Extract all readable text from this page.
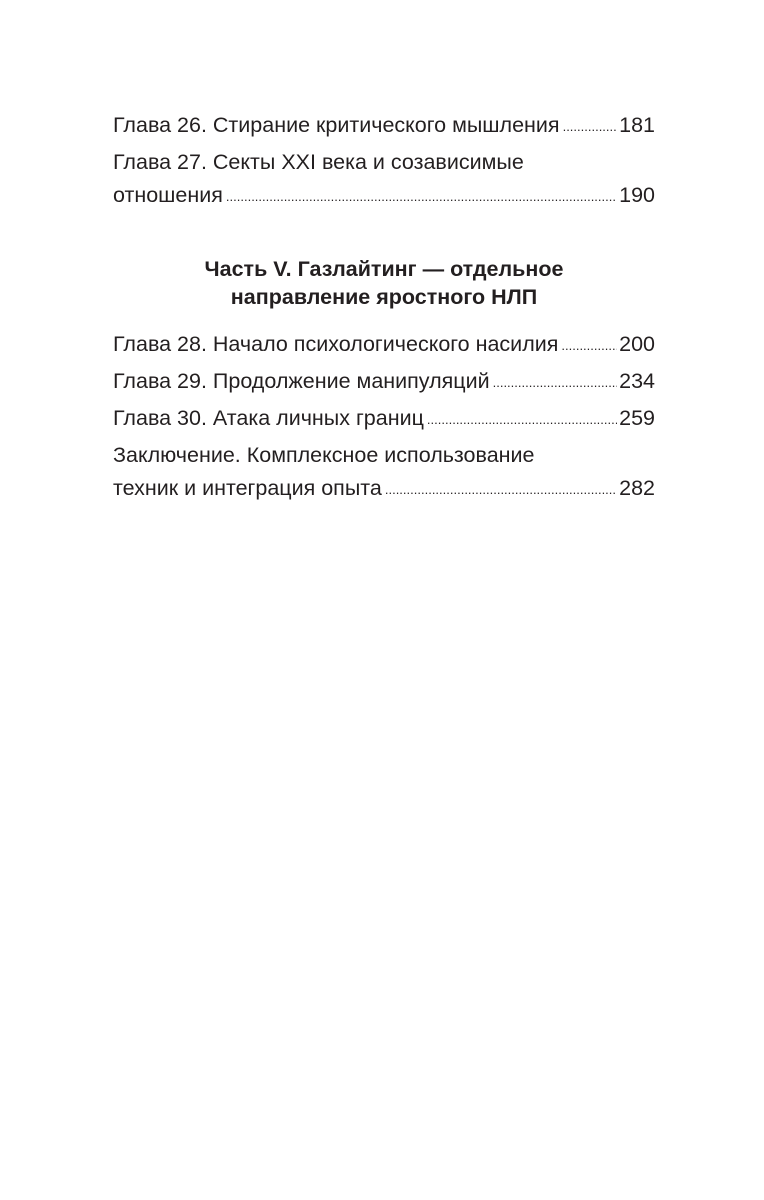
Глава 26. Стирание критического мышления .....	181
Глава 27. Секты XXI века и созависимые
отношения .....	190
Часть V. Газлайтинг — отдельное
направление яростного НЛП
Глава 28. Начало психологического насилия .....	200
Глава 29. Продолжение манипуляций .....	234
Глава 30. Атака личных границ .....	259
Заключение. Комплексное использование
техник и интеграция опыта .....	282
